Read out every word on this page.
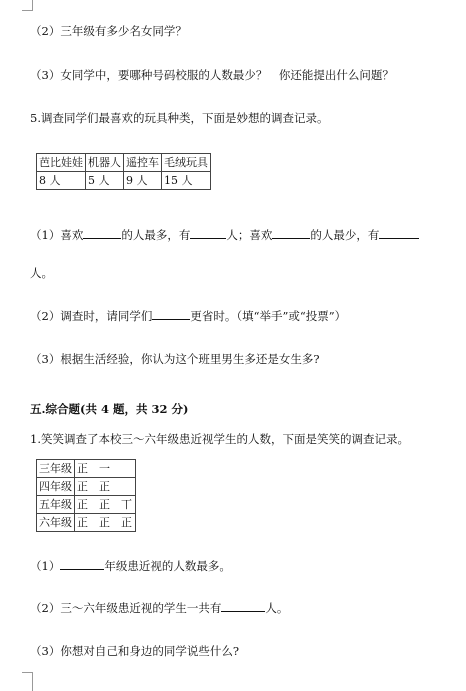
（2）三年级有多少名女同学？
（3）女同学中，要哪种号码校服的人数最少？　你还能提出什么问题？
5.调查同学们最喜欢的玩具种类，下面是妙想的调查记录。
芭比娃娃	机器人	遥控车	毛绒玩具
8 人	5 人	9 人	15 人
（1）喜欢	的人最多，有	人；喜欢	的人最少，有
人。
（2）调查时，请同学们	更省时。（填“举手”或“投票”）
（3）根据生活经验，你认为这个班里男生多还是女生多?
五.综合题(共 4 题，共 32 分)
1.笑笑调查了本校三～六年级患近视学生的人数，下面是笑笑的调查记录。
三年级	正　一
四年级	正　正
五年级	正　正　丅
六年级	正　正　正
（1）	年级患近视的人数最多。
（2）三～六年级患近视的学生一共有	人。
（3）你想对自己和身边的同学说些什么?
